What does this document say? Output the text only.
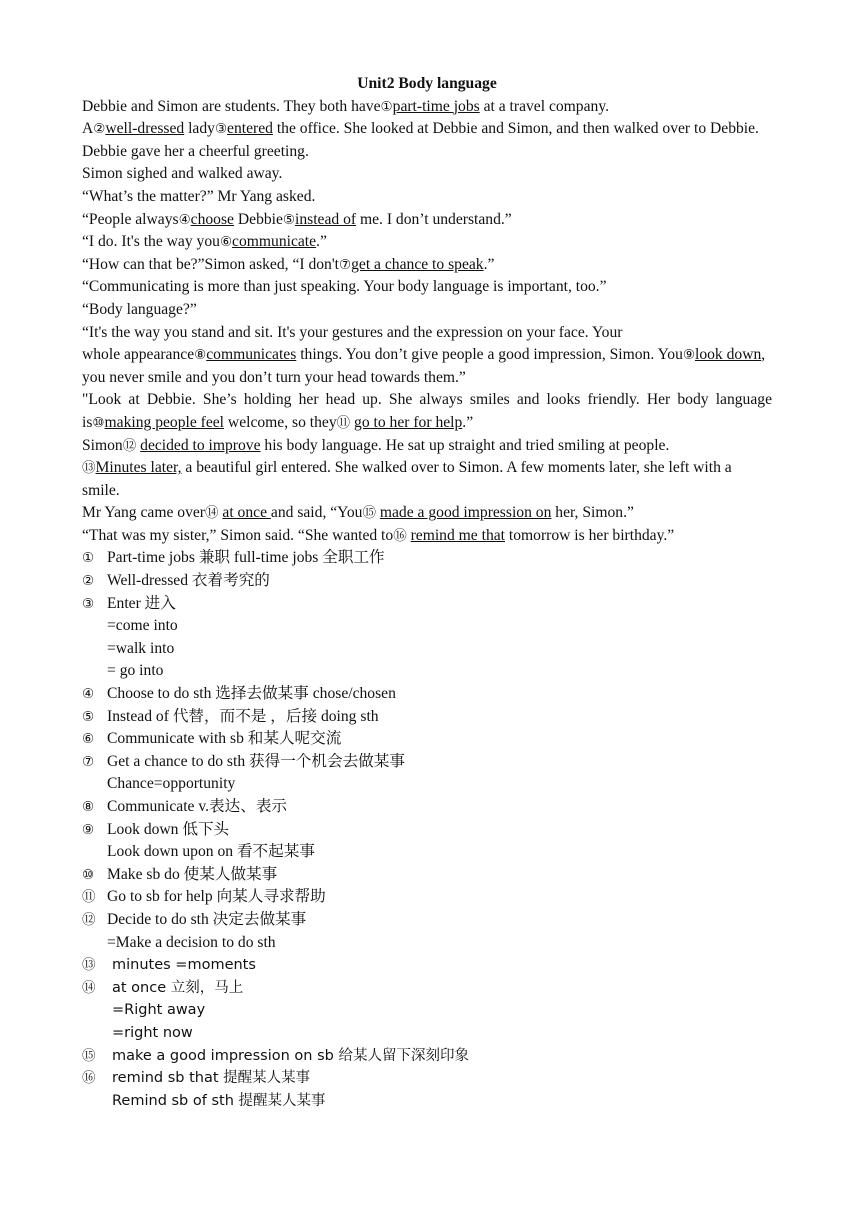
Unit2 Body language

Debbie and Simon are students. They both have①part-time jobs at a travel company.

A②well-dressed lady③entered the office. She looked at Debbie and Simon, and then walked over to Debbie. Debbie gave her a cheerful greeting.

Simon sighed and walked away.

“What’s the matter?” Mr Yang asked.

“People always④choose Debbie⑤instead of me. I don’t understand.”

“I do. It's the way you⑥communicate.”

“How can that be?”Simon asked, “I don't⑦get a chance to speak.”

“Communicating is more than just speaking. Your body language is important, too.”

“Body language?”

“It's the way you stand and sit. It's your gestures and the expression on your face. Your

whole appearance⑧communicates things. You don’t give people a good impression, Simon. You⑨look down, you never smile and you don’t turn your head towards them.”

"Look at Debbie. She’s holding her head up. She always smiles and looks friendly. Her body language is⑩making people feel welcome, so they⑪ go to her for help.”

Simon⑫ decided to improve his body language. He sat up straight and tried smiling at people.

⑬Minutes later, a beautiful girl entered. She walked over to Simon. A few moments later, she left with a smile.

Mr Yang came over⑭ at once and said, “You⑮ made a good impression on her, Simon.”

“That was my sister,” Simon said. “She wanted to⑯ remind me that tomorrow is her birthday.”

① Part-time jobs 兼职 full-time jobs 全职工作
② Well-dressed 衣着考究的
③ Enter 进入
=come into
=walk into
= go into
④ Choose to do sth 选择去做某事 chose/chosen
⑤ Instead of 代替，而不是 ，后接 doing sth
⑥ Communicate with sb 和某人呢交流
⑦ Get a chance to do sth 获得一个机会去做某事
Chance=opportunity
⑧ Communicate v.表达、表示
⑨ Look down 低下头
Look down upon on 看不起某事
⑩ Make sb do 使某人做某事
⑪ Go to sb for help 向某人寻求帮助
⑫ Decide to do sth 决定去做某事
=Make a decision to do sth
⑬	minutes =moments
⑭	at once 立刻，马上
=Right away
=right now
⑮	make a good impression on sb 给某人留下深刻印象
⑯	remind sb that 提醒某人某事
Remind sb of sth 提醒某人某事
